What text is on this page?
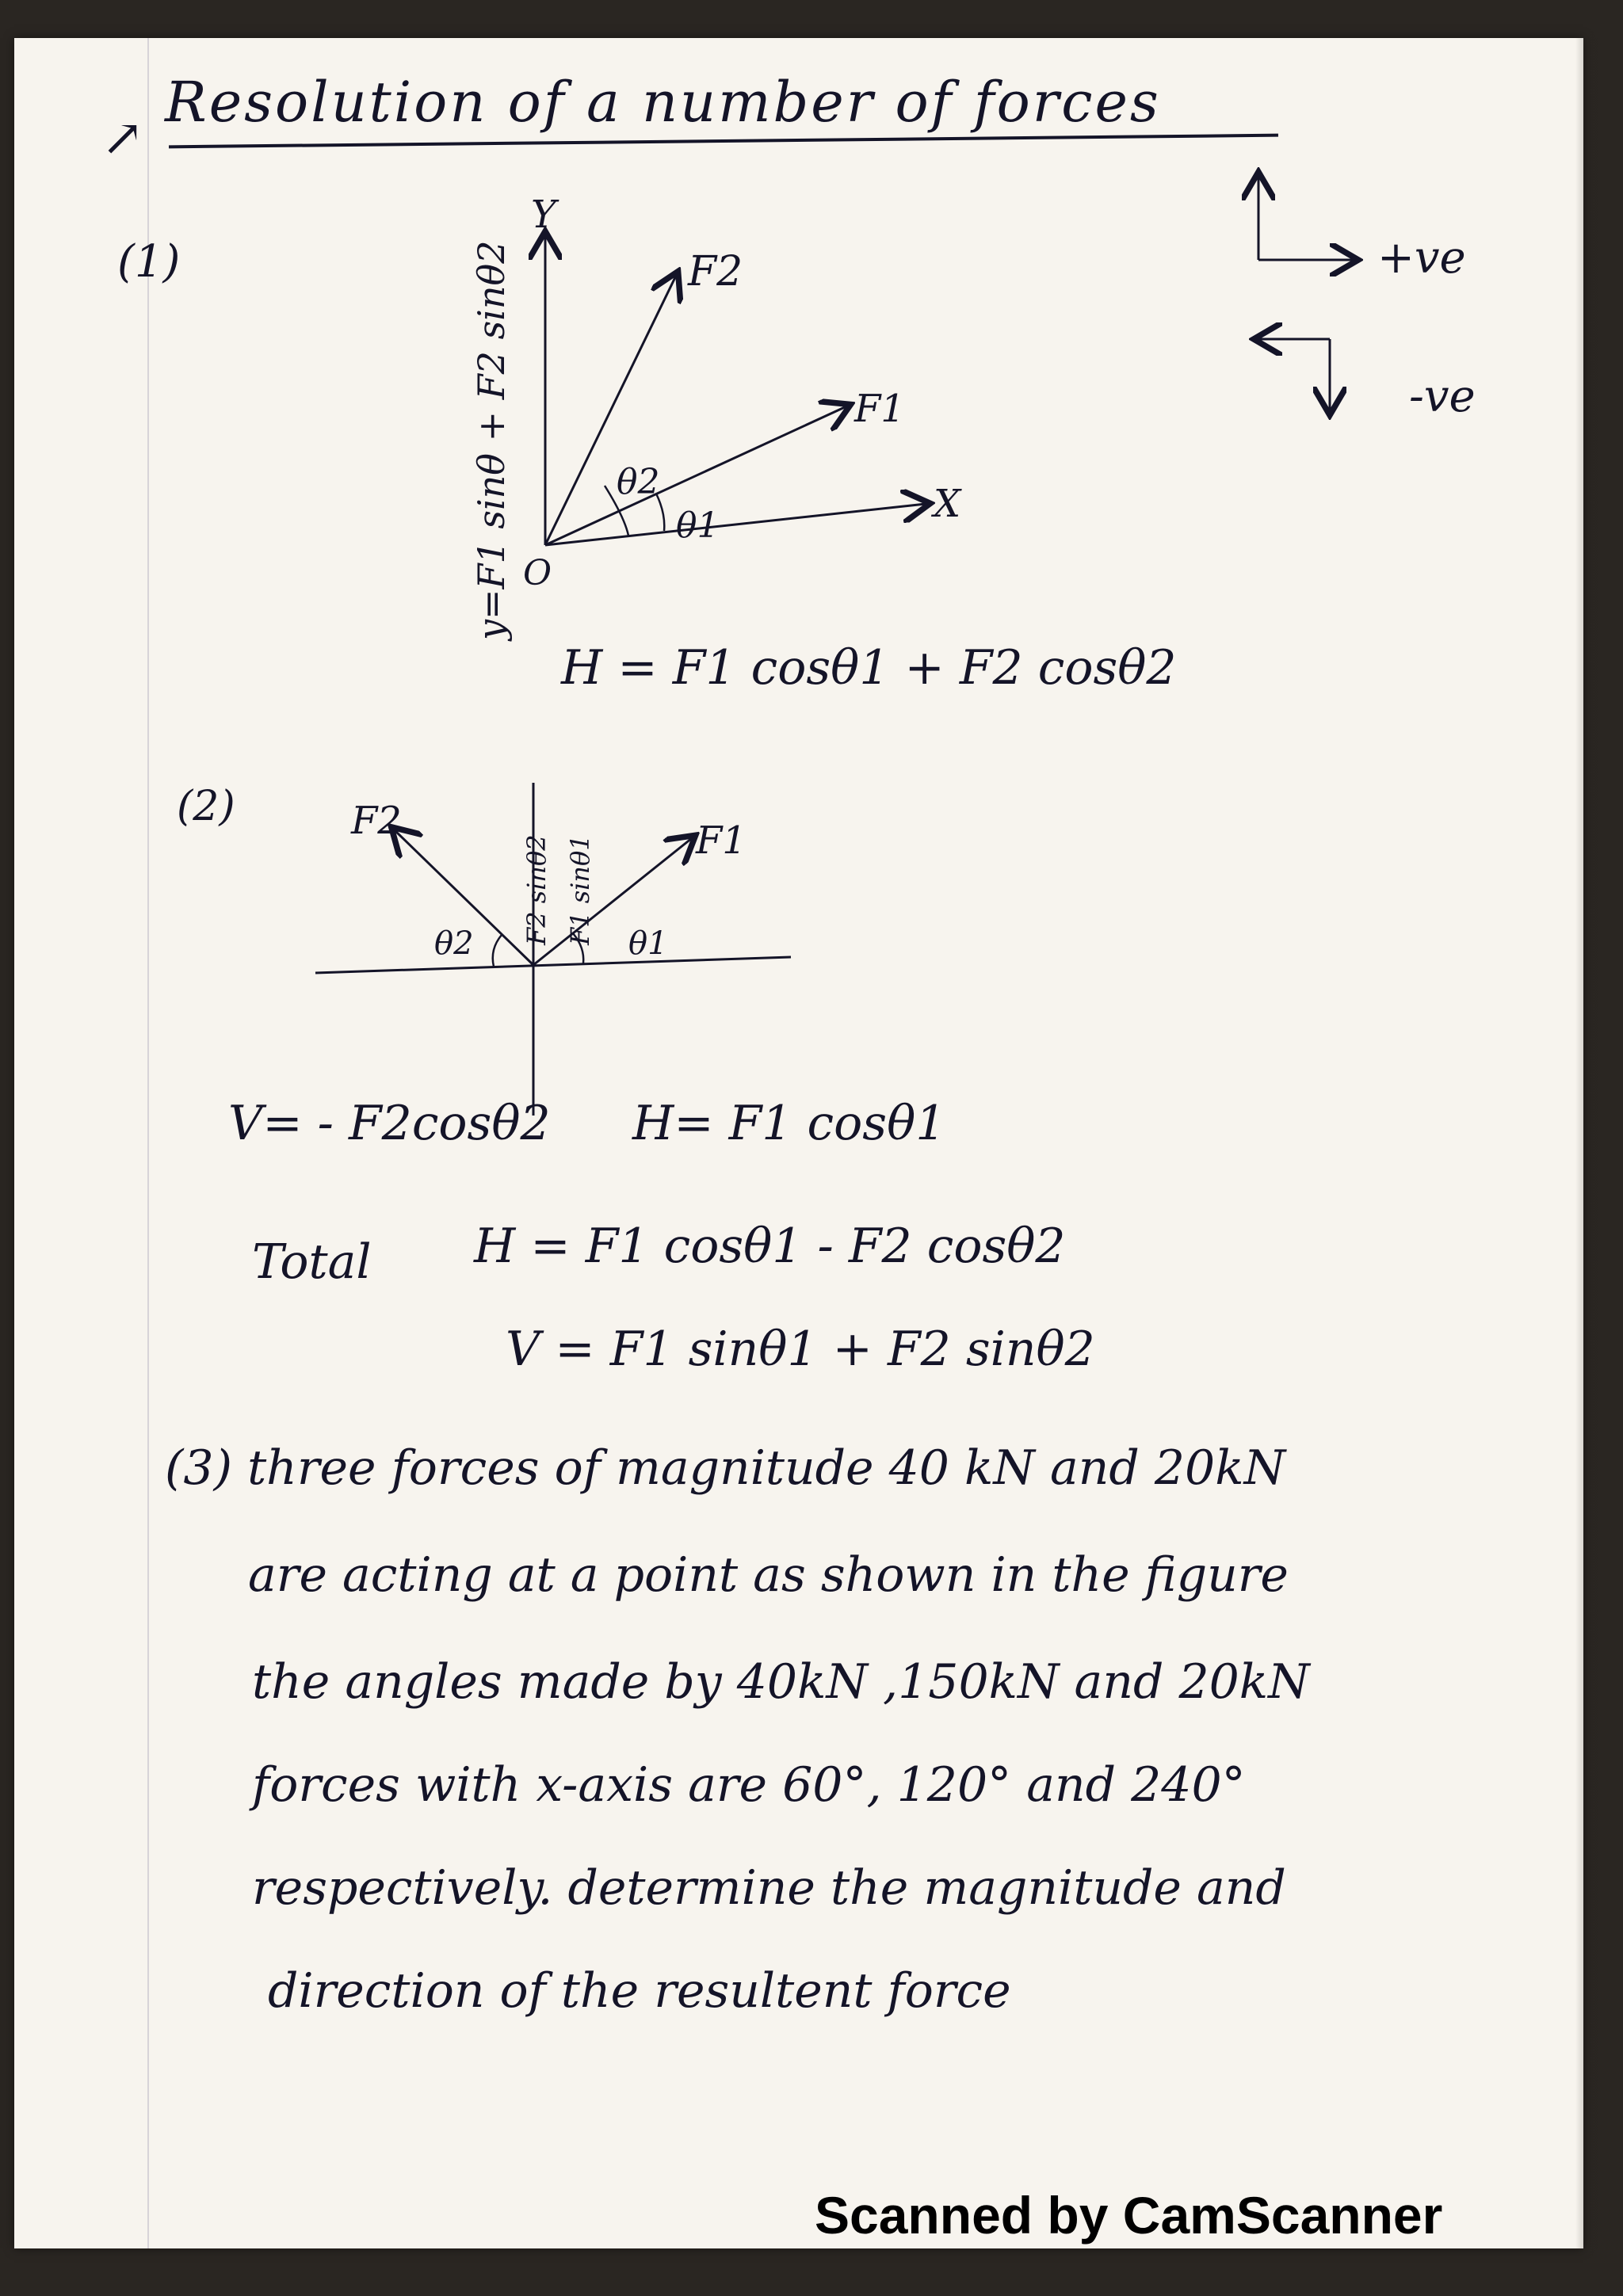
↗
Resolution of a number of forces
(1)
Y
X
O
F1
F2
θ2
θ1
y=F1 sinθ + F2 sinθ2	+ve
-ve
H = F1 cosθ1 + F2 cosθ2
(2)	F2	F1
θ2	θ1
F2 sinθ2 F1 sinθ1
V= - F2cosθ2 H= F1 cosθ1
Total H = F1 cosθ1 - F2 cosθ2
V = F1 sinθ1 + F2 sinθ2
(3) three forces of magnitude 40 kN and 20kN
are acting at a point as shown in the figure
the angles made by 40kN ,150kN and 20kN
forces with x-axis are 60°, 120° and 240°
respectively. determine the magnitude and
direction of the resultent force
Scanned by CamScanner
